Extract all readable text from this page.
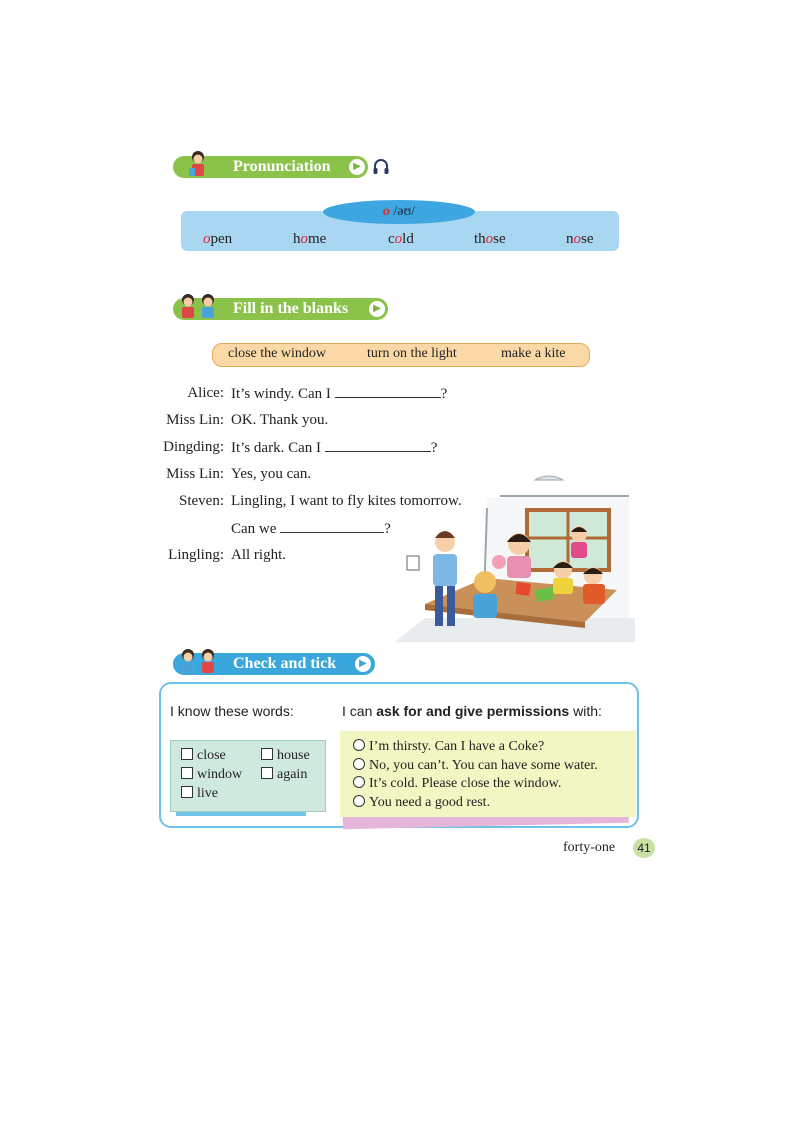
Pronunciation	▶
o /əʊ/
open	home	cold	those	nose
Fill in the blanks	▶
close the window	turn on the light	make a kite
Alice: It’s windy. Can I	?
Miss Lin: OK. Thank you.
Dingding: It’s dark. Can I	?
Miss Lin: Yes, you can.
Steven: Lingling, I want to fly kites tomorrow.
Can we	?
Lingling: All right.
Check and tick	▶
I know these words:	I can ask for and give permissions with:
close	house
window	again
live
I’m thirsty. Can I have a Coke?
No, you can’t. You can have some water.
It’s cold. Please close the window.
You need a good rest.
forty-one	41
